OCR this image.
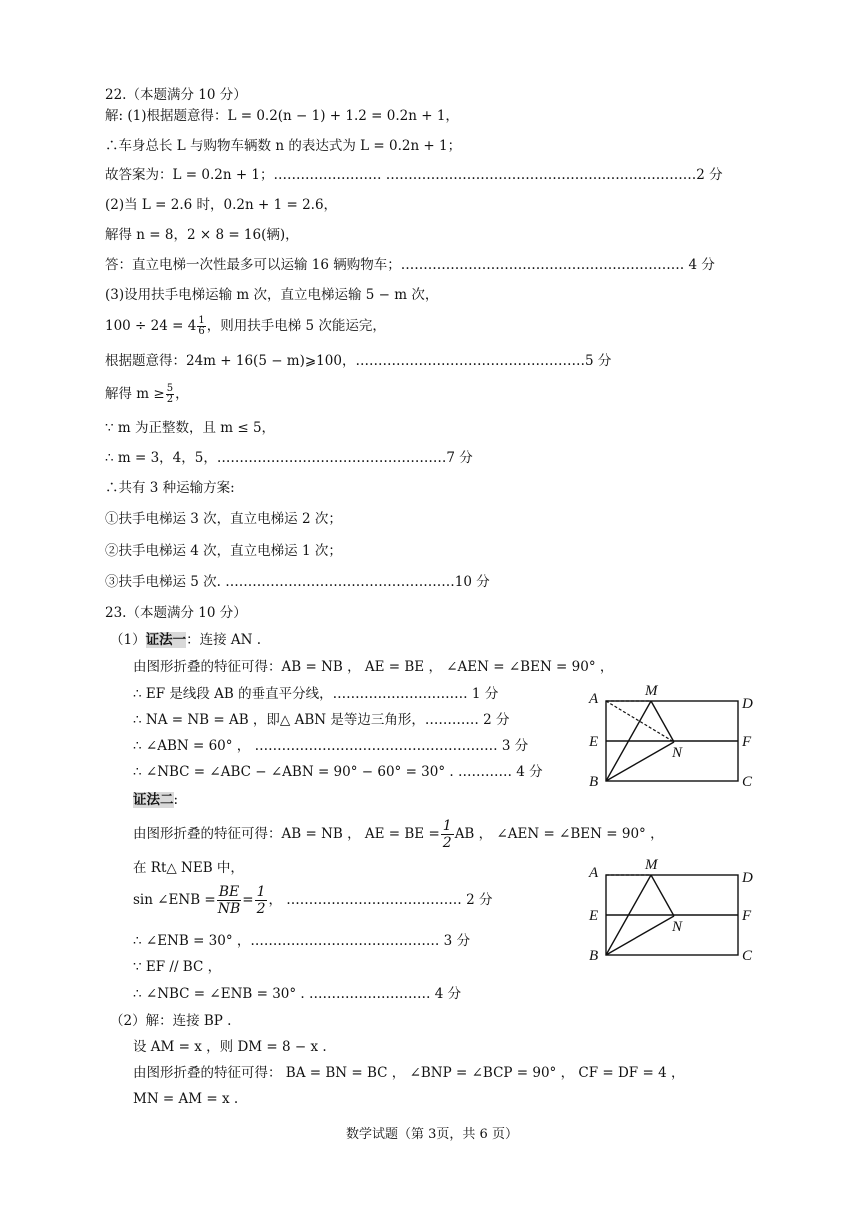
22.（本题满分 10 分）
解: (1)根据题意得：L = 0.2(n − 1) + 1.2 = 0.2n + 1，
∴车身总长 L 与购物车辆数 n 的表达式为 L = 0.2n + 1；
故答案为：L = 0.2n + 1；…………………… ……………………………………………………………2 分
(2)当 L = 2.6 时，0.2n + 1 = 2.6，
解得 n = 8，2 × 8 = 16(辆)，
答：直立电梯一次性最多可以运输 16 辆购物车；……………………………………………………… 4 分
(3)设用扶手电梯运输 m 次，直立电梯运输 5 − m 次，
$100 \div 24 = 4 \frac{1}{6}$ ，则用扶手电梯 5 次能运完，
根据题意得：24m + 16(5 − m)⩾100，……………………………………………5 分
解得 $m \ge \frac{5}{2}$ ，
∵ m 为正整数，且 m ≤ 5，
∴ m = 3，4，5，……………………………………………7 分
∴共有 3 种运输方案:
①扶手电梯运 3 次，直立电梯运 2 次；
②扶手电梯运 4 次，直立电梯运 1 次；
③扶手电梯运 5 次. ……………………………………………10 分
23.（本题满分 10 分）
（1）证法一：连接 AN .
由图形折叠的特征可得：AB = NB ， AE = BE ， ∠AEN = ∠BEN = 90° ，
∴ EF 是线段 AB 的垂直平分线，………………………… 1 分
∴ NA = NB = AB ，即△ ABN 是等边三角形，………… 2 分
∴ ∠ABN = 60° ， ……………………………………………… 3 分
∴ ∠NBC = ∠ABC − ∠ABN = 90° − 60° = 30° . ………… 4 分
证法二:
由图形折叠的特征可得：AB = NB ， AE = BE = $\frac{1}{2}$ AB ， ∠AEN = ∠BEN = 90° ，
在 Rt△ NEB 中，
sin ∠ENB = $\frac{BE}{NB} = \frac{1}{2}$ ， ………………………………… 2 分
∴ ∠ENB = 30° ，…………………………………… 3 分
∵ EF // BC ，
∴ ∠NBC = ∠ENB = 30° . ……………………… 4 分
（2）解：连接 BP .
设 AM = x ，则 DM = 8 − x .
由图形折叠的特征可得： BA = BN = BC ， ∠BNP = ∠BCP = 90° ， CF = DF = 4 ，
MN = AM = x .
A	M
D
E	F
N
B	C
A	M
D
E	F
N
B	C
数学试题（第 3页，共 6 页）
